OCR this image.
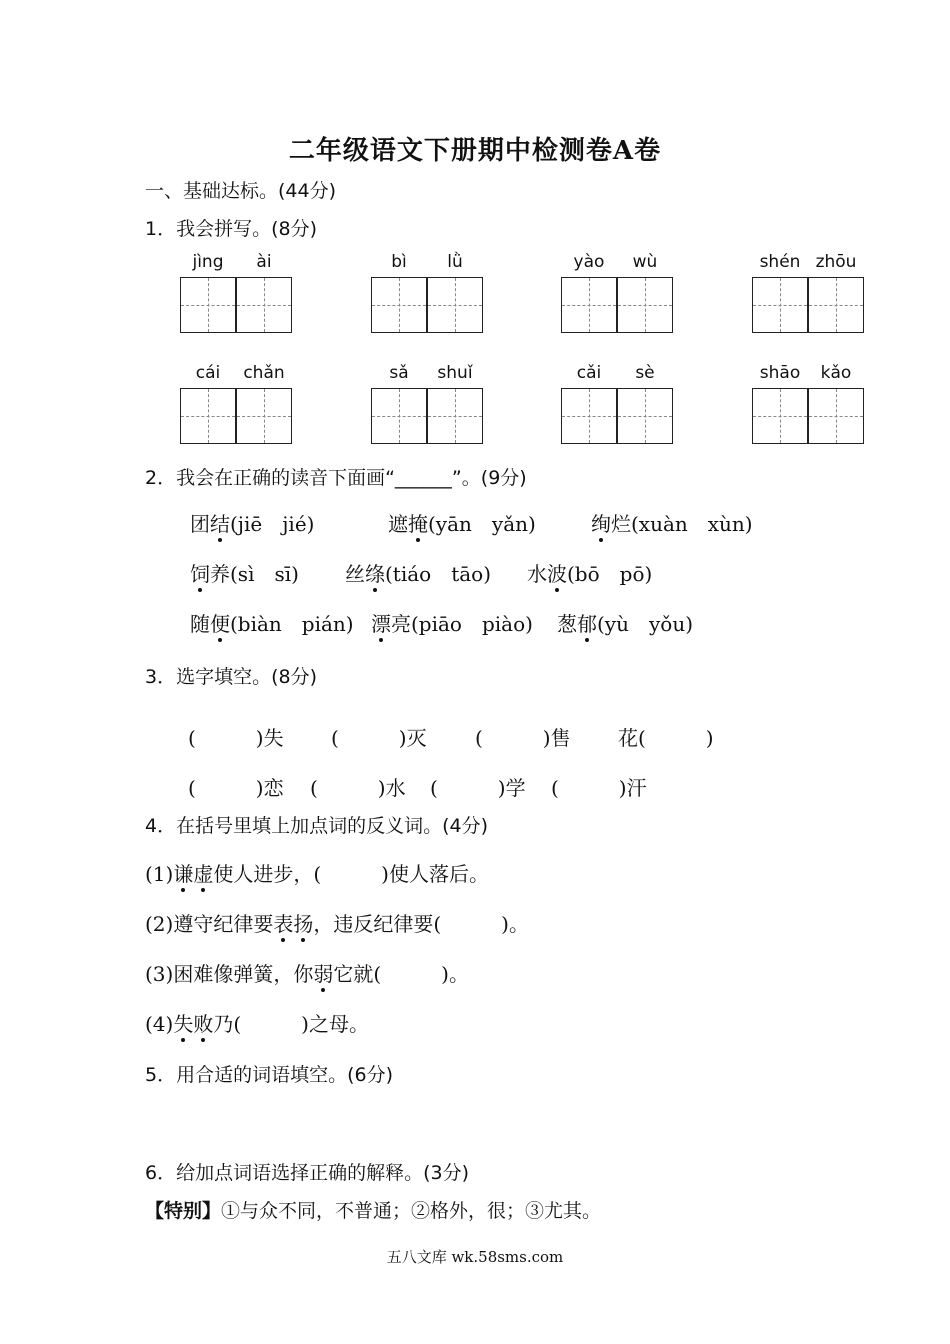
二年级语文下册期中检测卷A卷
一、基础达标。(44分)
1．我会拼写。(8分)
jìng	ài	bì	lǜ	yào	wù	shén zhōu
cái	chǎn	sǎ	shuǐ	cǎi	sè	shāo	kǎo
2．我会在正确的读音下面画“______”。(9分)
团结(jiē　jié)	遮掩(yān　yǎn)	绚烂(xuàn　xùn)
饲养(sì　sī) 丝绦(tiáo　tāo) 水波(bō　pō)
随便(biàn　pián) 漂亮(piāo　piào) 葱郁(yù　yǒu)
3．选字填空。(8分)
(　　　)失 (　　　)灭 (　　　)售 花(　　　)
(　　　)恋 (　　　)水 (　　　)学 (　　　)汗
4．在括号里填上加点词的反义词。(4分)
(1)谦虚使人进步，(　　　)使人落后。
(2)遵守纪律要表扬，违反纪律要(　　　)。
(3)困难像弹簧，你弱它就(　　　)。
(4)失败乃(　　　)之母。
5．用合适的词语填空。(6分)
6．给加点词语选择正确的解释。(3分)
【特别】①与众不同，不普通；②格外，很；③尤其。
五八文库 wk.58sms.com
